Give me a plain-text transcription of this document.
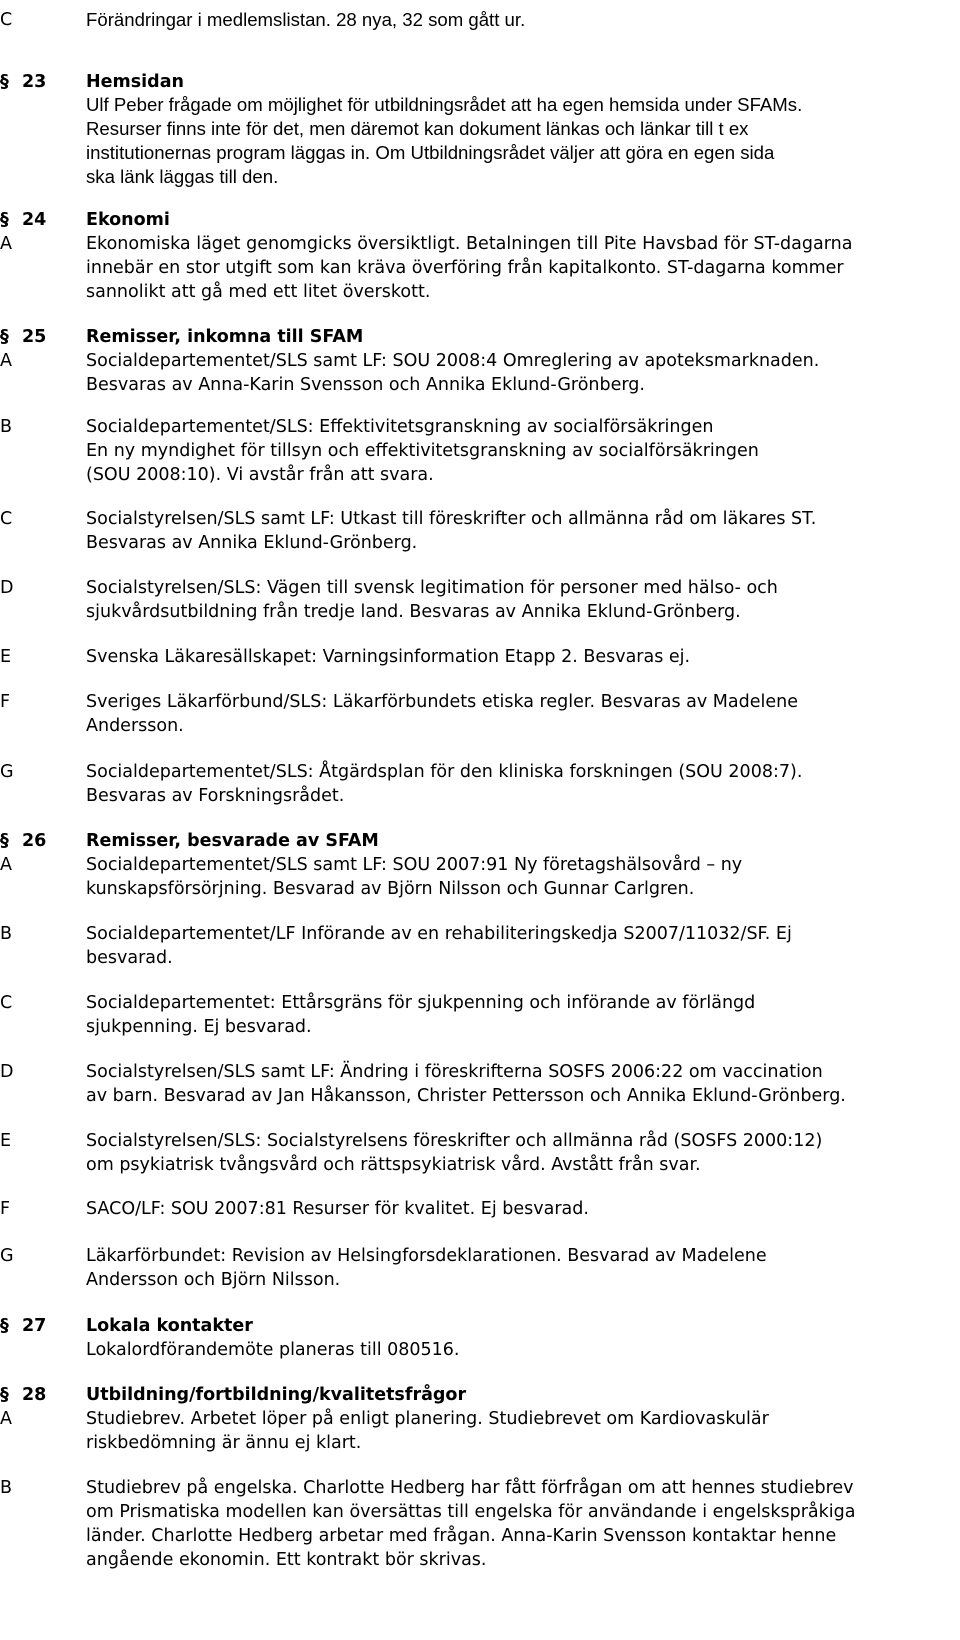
C	Förändringar i medlemslistan. 28 nya, 32 som gått ur.
§ 23 Hemsidan
Ulf Peber frågade om möjlighet för utbildningsrådet att ha egen hemsida under SFAMs.
Resurser finns inte för det, men däremot kan dokument länkas och länkar till t ex
institutionernas program läggas in. Om Utbildningsrådet väljer att göra en egen sida
ska länk läggas till den.
§ 24 Ekonomi
A	Ekonomiska läget genomgicks översiktligt. Betalningen till Pite Havsbad för ST-dagarna
innebär en stor utgift som kan kräva överföring från kapitalkonto. ST-dagarna kommer
sannolikt att gå med ett litet överskott.
§ 25 Remisser, inkomna till SFAM
A	Socialdepartementet/SLS samt LF: SOU 2008:4 Omreglering av apoteksmarknaden.
Besvaras av Anna-Karin Svensson och Annika Eklund-Grönberg.
B	Socialdepartementet/SLS: Effektivitetsgranskning av socialförsäkringen
En ny myndighet för tillsyn och effektivitetsgranskning av socialförsäkringen
(SOU 2008:10). Vi avstår från att svara.
C	Socialstyrelsen/SLS samt LF: Utkast till föreskrifter och allmänna råd om läkares ST.
Besvaras av Annika Eklund-Grönberg.
D	Socialstyrelsen/SLS: Vägen till svensk legitimation för personer med hälso- och
sjukvårdsutbildning från tredje land. Besvaras av Annika Eklund-Grönberg.
E	Svenska Läkaresällskapet: Varningsinformation Etapp 2. Besvaras ej.
F	Sveriges Läkarförbund/SLS: Läkarförbundets etiska regler. Besvaras av Madelene
Andersson.
G	Socialdepartementet/SLS: Åtgärdsplan för den kliniska forskningen (SOU 2008:7).
Besvaras av Forskningsrådet.
§ 26 Remisser, besvarade av SFAM
A	Socialdepartementet/SLS samt LF: SOU 2007:91 Ny företagshälsovård – ny
kunskapsförsörjning. Besvarad av Björn Nilsson och Gunnar Carlgren.
B	Socialdepartementet/LF Införande av en rehabiliteringskedja S2007/11032/SF. Ej
besvarad.
C	Socialdepartementet: Ettårsgräns för sjukpenning och införande av förlängd
sjukpenning. Ej besvarad.
D	Socialstyrelsen/SLS samt LF: Ändring i föreskrifterna SOSFS 2006:22 om vaccination
av barn. Besvarad av Jan Håkansson, Christer Pettersson och Annika Eklund-Grönberg.
E	Socialstyrelsen/SLS: Socialstyrelsens föreskrifter och allmänna råd (SOSFS 2000:12)
om psykiatrisk tvångsvård och rättspsykiatrisk vård. Avstått från svar.
F	SACO/LF: SOU 2007:81 Resurser för kvalitet. Ej besvarad.
G	Läkarförbundet: Revision av Helsingforsdeklarationen. Besvarad av Madelene
Andersson och Björn Nilsson.
§ 27 Lokala kontakter
Lokalordförandemöte planeras till 080516.
§ 28 Utbildning/fortbildning/kvalitetsfrågor
A	Studiebrev. Arbetet löper på enligt planering. Studiebrevet om Kardiovaskulär
riskbedömning är ännu ej klart.
B	Studiebrev på engelska. Charlotte Hedberg har fått förfrågan om att hennes studiebrev
om Prismatiska modellen kan översättas till engelska för användande i engelskspråkiga
länder. Charlotte Hedberg arbetar med frågan. Anna-Karin Svensson kontaktar henne
angående ekonomin. Ett kontrakt bör skrivas.
